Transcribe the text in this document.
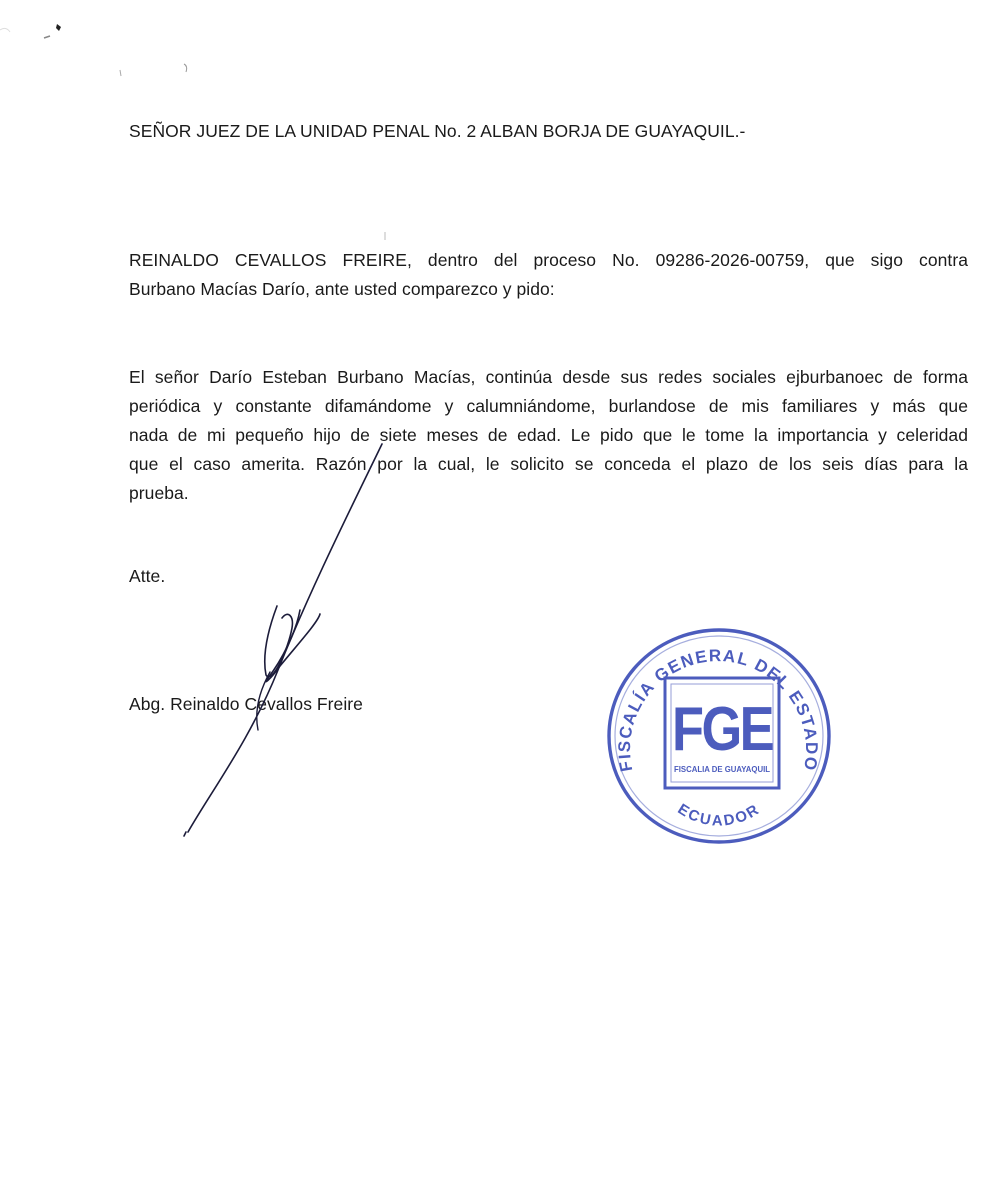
SEÑOR JUEZ DE LA UNIDAD PENAL No. 2 ALBAN BORJA DE GUAYAQUIL.-
REINALDO CEVALLOS FREIRE, dentro del proceso No. 09286-2026-00759, que sigo contra
Burbano Macías Darío, ante usted comparezco y pido:
El señor Darío Esteban Burbano Macías, continúa desde sus redes sociales ejburbanoec de forma
periódica y constante difamándome y calumniándome, burlandose de mis familiares y más que
nada de mi pequeño hijo de siete meses de edad. Le pido que le tome la importancia y celeridad
que el caso amerita. Razón por la cual, le solicito se conceda el plazo de los seis días para la
prueba.
Atte.
Abg. Reinaldo Cevallos Freire
FISCALÍA GENERAL DEL ESTADO
ECUADOR
FGE
FISCALIA DE GUAYAQUIL
